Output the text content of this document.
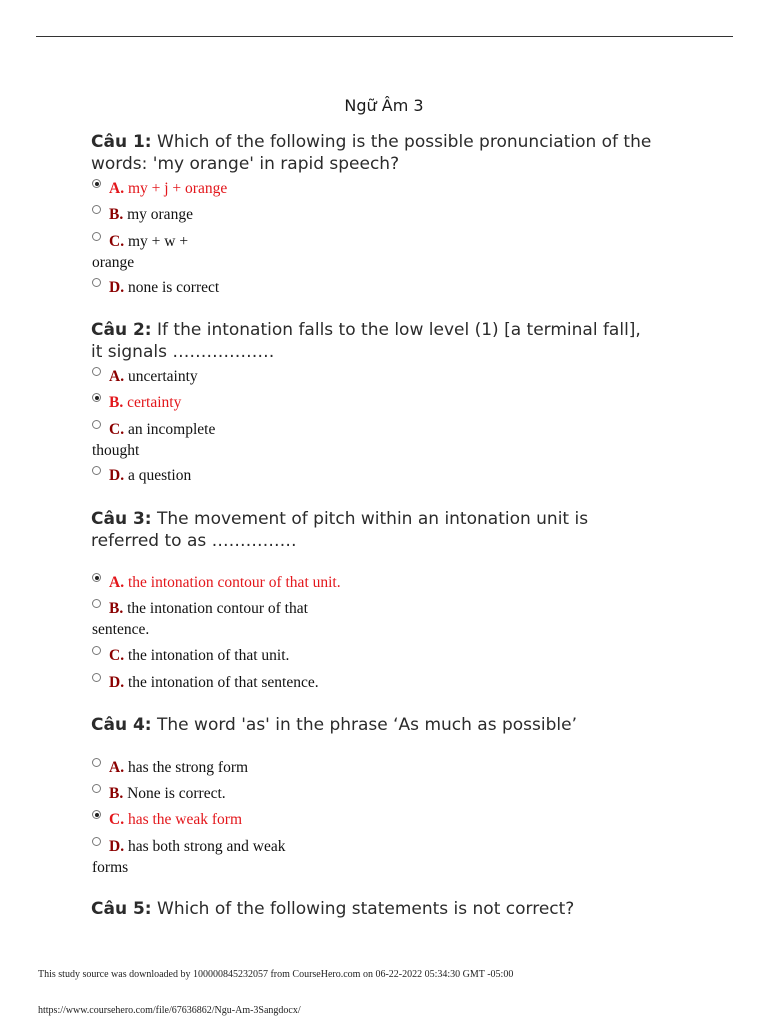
Ngữ Âm 3
Câu 1: Which of the following is the possible pronunciation of the
words: 'my orange' in rapid speech?
A. my + j + orange
B. my orange
C. my + w +
orange
D. none is correct
Câu 2: If the intonation falls to the low level (1) [a terminal fall],
it signals ………………
A. uncertainty
B. certainty
C. an incomplete
thought
D. a question
Câu 3: The movement of pitch within an intonation unit is
referred to as ……………
A. the intonation contour of that unit.
B. the intonation contour of that
sentence.
C. the intonation of that unit.
D. the intonation of that sentence.
Câu 4: The word 'as' in the phrase ‘As much as possible’
A. has the strong form
B. None is correct.
C. has the weak form
D. has both strong and weak
forms
Câu 5: Which of the following statements is not correct?
This study source was downloaded by 100000845232057 from CourseHero.com on 06-22-2022 05:34:30 GMT -05:00
https://www.coursehero.com/file/67636862/Ngu-Am-3Sangdocx/
